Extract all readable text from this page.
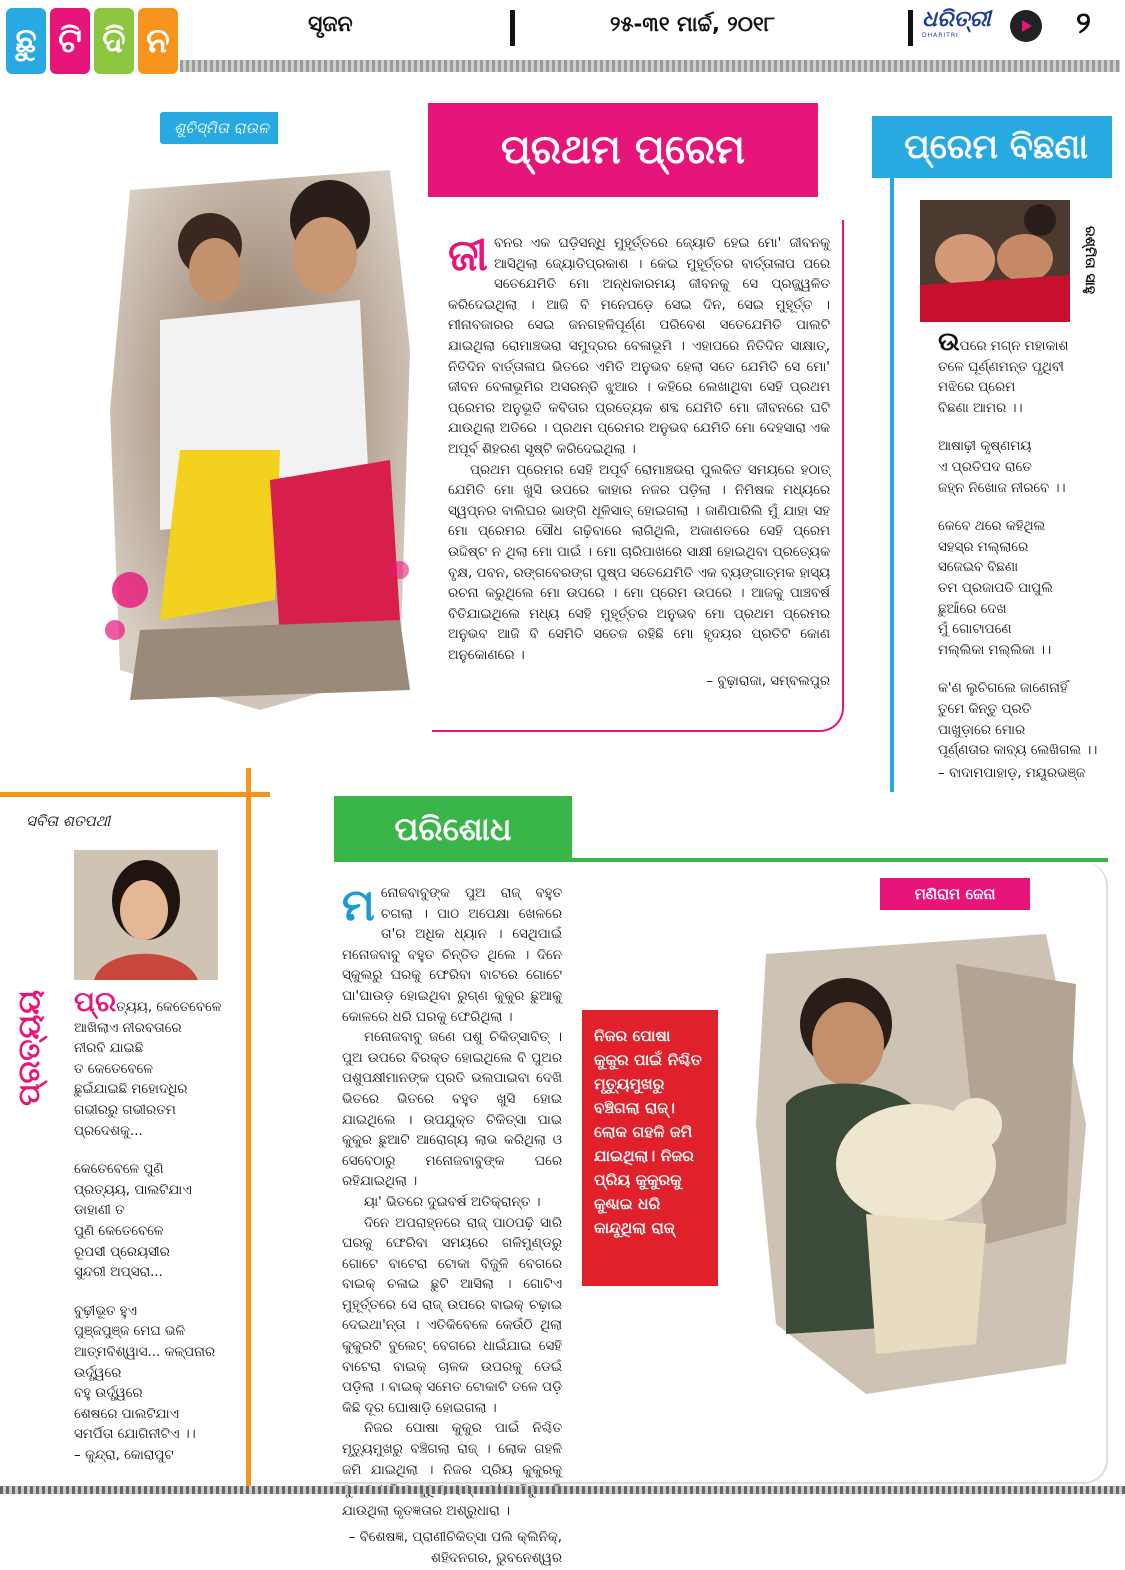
ଛୁ ଟି ଦି ନ	ସୃଜନ	୨୫-୩୧ ମାର୍ଚ୍ଚ, ୨୦୧୮	ଧରିତ୍ରୀ
DHARITRI	୨
ଶୁଚିସ୍ମିତା ରାଉଳ	ପ୍ରଥମ ପ୍ରେମ

ଜୀବନର ଏକ ଘଡ଼ିସନ୍ଧି ମୁହୂର୍ତ୍ତରେ ଜ୍ୟୋତି ହେଇ ମୋ' ଜୀବନକୁ ଆସିଥିଲା ଜ୍ୟୋତିପ୍ରକାଶ । କେଇ ମୁହୂର୍ତ୍ତର ବାର୍ତ୍ତାଳାପ ପରେ ସତେଯେମିତି ମୋ ଅନ୍ଧକାରମୟ ଜୀବନକୁ ସେ ପ୍ରଜ୍ଜ୍ୱଳିତ କରିଦେଇଥିଲା । ଆଜି ବି ମନେପଡ଼େ ସେଇ ଦିନ, ସେଇ ମୁହୂର୍ତ୍ତ । ମୀନାବଜାରର ସେଇ ଜନଗହଳିପୂର୍ଣ୍ଣ ପରିବେଶ ସତେଯେମିତି ପାଲଟି ଯାଇଥିଲା ରୋମାଞ୍ଚଭରା ସମୁଦ୍ରର ବେଳାଭୂମି । ଏହାପରେ ନିତିଦିନ ସାକ୍ଷାତ୍, ନିତିଦିନ ବାର୍ତ୍ତାଳାପ ଭିତରେ ଏମିତି ଅନୁଭବ ହେଲା ସତେ ଯେମିତି ସେ ମୋ' ଜୀବନ ବେଳାଭୂମିର ଅସରନ୍ତି ଝୁଆର । କହିରେ ଲେଖାଥିବା ସେହି ପ୍ରଥମ ପ୍ରେମର ଅନୁଭୂତି କବିତାର ପ୍ରତ୍ୟେକ ଶବ୍ଦ ଯେମିତି ମୋ ଜୀବନରେ ଘଟି ଯାଉଥିଲା ଅତିରେ । ପ୍ରଥମ ପ୍ରେମର ଅନୁଭବ ଯେମିତି ମୋ ଦେହସାରା ଏକ ଅପୂର୍ବ ଶିହରଣ ସୃଷ୍ଟି କରିଦେଇଥିଲା ।

ପ୍ରଥମ ପ୍ରେମର ସେହି ଅପୂର୍ବ ରୋମାଞ୍ଚଭରା ପୁଲକିତ ସମୟରେ ହଠାତ୍ ଯେମିତି ମୋ ଖୁସି ଉପରେ କାହାର ନଜର ପଡ଼ିଲା । ନିମିଷକ ମଧ୍ୟରେ ସ୍ୱପ୍ନର ବାଲିଘର ଭାଙ୍ଗି ଧୂଳିସାତ୍ ହୋଇଗଲା । ଜାଣିପାରିଲି ମୁଁ ଯାହା ସହ ମୋ ପ୍ରେମର ସୌଧ ଗଢ଼ିବାରେ ଲାଗିଥିଲି, ଅଜାଣତରେ ସେହି ପ୍ରେମ ଉଦ୍ଦିଷ୍ଟ ନ ଥିଲା ମୋ ପାଇଁ । ମୋ ଚାରିପାଖରେ ସାକ୍ଷୀ ହୋଇଥିବା ପ୍ରତ୍ୟେକ ବୃକ୍ଷ, ପବନ, ରଙ୍ଗବେରଙ୍ଗ ପୁଷ୍ପ ସତେଯେମିତି ଏକ ବ୍ୟଙ୍ଗାତ୍ମକ ହାସ୍ୟ ରଚନା କରୁଥିଲେ ମୋ ଉପରେ । ମୋ ପ୍ରେମ ଉପରେ । ଆଜକୁ ପାଞ୍ଚବର୍ଷ ବିତିଯାଇଥିଲେ ମଧ୍ୟ ସେହି ମୁହୂର୍ତ୍ତର ଅନୁଭବ ମୋ ପ୍ରଥମ ପ୍ରେମର ଅନୁଭବ ଆଜି ବି ସେମିତି ସତେଜ ରହିଛି ମୋ ହୃଦୟର ପ୍ରତିଟି କୋଣ ଅନୁକୋଣରେ ।

– ବୁଢ଼ାରାଜା, ସମ୍ବଲପୁର
ପ୍ରେମ ବିଛଣା
ରଶ୍ମିତା ସାହୁ
ଉପରେ ମଗ୍ନ ମହାକାଶ
ତଳେ ଘୂର୍ଣ୍ଣମନ୍ତ ପୃଥିବୀ
ମଝିରେ ପ୍ରେମ
ବିଛଣା ଆମର ।।
ଆଷାଢ଼ୀ କୃଷ୍ଣମୟ
ଏ ପ୍ରତିପଦ ରାତେ
ଜହ୍ନ ନିଖୋଜ ନୀରବେ ।।
କେବେ ଥରେ କହିଥିଲ
ସହସ୍ର ମଲ୍ଲାରେ
ସଜେଇବ ବିଛଣା
ତମ ପ୍ରଜାପତି ପାପୁଲି
ଛୁଆଁରେ ଦେଖ
ମୁଁ ଗୋଟାପଣେ
ମଲ୍ଲିକା ମଲ୍ଲିକା ।।
କ'ଣ ଲୁଚିଗଲେ ଜାଣେନାହିଁ
ତୁମେ କିନ୍ତୁ ପ୍ରତି
ପାଖୁଡ଼ାରେ ମୋର
ପୂର୍ଣ୍ଣତାର କାବ୍ୟ ଲେଖିଗଲ ।।
– ବାଦାମପାହାଡ଼, ମୟୂରଭଞ୍ଜ
ସବିତା ଶତପଥୀ
ପ୍ରତ୍ୟୟ ପ୍ରତ୍ୟୟ, କେତେବେଳେ
ଆଖିଲାଏ ନୀରବତାରେ
ନୀରବି ଯାଇଛି
ତ କେତେବେଳେ
ଛୁଇଁଯାଇଛି ମହୋଦଧିର
ଗଭୀରରୁ ଗଭୀରତମ
ପ୍ରଦେଶକୁ...
କେତେବେଳେ ପୁଣି
ପ୍ରତ୍ୟୟ, ପାଲଟିଯାଏ
ଡାହାଣୀ ତ
ପୁଣି କେତେବେଳେ
ରୂପସୀ ପ୍ରେୟସୀର
ସୁନ୍ଦରୀ ଅପ୍ସରା...
ବୁଢ଼ୀଭୂତ ହୁଏ
ପୁଞ୍ଜପୁଞ୍ଜ ମେଘ ଭଳି
ଆତ୍ମବିଶ୍ୱାସ... କଳ୍ପନାର ଉର୍ଦ୍ଧ୍ୱରେ
ବହୁ ଉର୍ଦ୍ଧ୍ୱରେ
ଶେଷରେ ପାଲଟିଯାଏ
ସମର୍ପିତା ଯୋଗିନୀଟିଏ ।।
– କୁନ୍ଦ୍ରା, କୋରାପୁଟ
ପରିଶୋଧ
ମଣିରାମ ଜେନା

ମନୋଜବାବୁଙ୍କ ପୁଅ ରାଜ୍ ବହୁତ ଚଗଲା । ପାଠ ଅପେକ୍ଷା ଖେଳରେ ତା'ର ଅଧିକ ଧ୍ୟାନ । ସେଥିପାଇଁ ମନୋଜବାବୁ ବହୁତ ଚିନ୍ତିତ ଥିଲେ । ଦିନେ ସ୍କୁଲରୁ ଘରକୁ ଫେରିବା ବାଟରେ ଗୋଟେ ଘା'ଘାଉଡ଼ ହୋଇଥିବା ରୁଗ୍ଣ କୁକୁର ଛୁଆକୁ କୋଳରେ ଧରି ଘରକୁ ଫେରିଥିଲା ।

ମନୋଜବାବୁ ଜଣେ ପଶୁ ଚିକିତ୍ସାବିତ୍ । ପୁଅ ଉପରେ ବିରକ୍ତ ହୋଇଥିଲେ ବି ପୁଅର ପଶୁପକ୍ଷୀମାନଙ୍କ ପ୍ରତି ଭଲପାଇବା ଦେଖି ଭିତରେ ଭିତରେ ବହୁତ ଖୁସି ହୋଇ ଯାଇଥିଲେ । ଉପଯୁକ୍ତ ଚିକିତ୍ସା ପାଇ କୁକୁର ଛୁଆଟି ଆରୋଗ୍ୟ ଲାଭ କରିଥିଲା ଓ ସେବେଠାରୁ ମନୋଜବାବୁଙ୍କ ଘରେ ରହିଯାଇଥିଲା ।

ୟା' ଭିତରେ ଦୁଇବର୍ଷ ଅତିକ୍ରାନ୍ତ ।

ଦିନେ ଅପରାହ୍ନରେ ରାଜ୍ ପାଠପଢ଼ି ସାରି ଘରକୁ ଫେରିବା ସମୟରେ ଗଳିମୁଣ୍ଡରୁ ଗୋଟେ ବାଟେରା ଟୋକା ବିଜୁଳି ବେଗରେ ବାଇକ୍ ଚଳାଇ ଛୁଟି ଆସିଲା । ଗୋଟିଏ ମୁହୂର୍ତ୍ତରେ ସେ ରାଜ୍ ଉପରେ ବାଇକ୍ ଚଢ଼ାଇ ଦେଇଥା'ନ୍ତା । ଏତିକିବେଳେ କେଉଁଠି ଥିଲା କୁକୁରଟି ବୁଲେଟ୍ ବେଗରେ ଧାଇଁଯାଇ ସେହି ବାଟେରା ବାଇକ୍ ଚାଳକ ଉପରକୁ ଡେଇଁ ପଡ଼ିଲା । ବାଇକ୍ ସମେତ ଟୋକାଟି ତଳେ ପଡ଼ି କିଛି ଦୂର ଘୋଷାଡ଼ି ହୋଇଗଲା ।

ନିଜର ପୋଷା କୁକୁର ପାଇଁ ନିଶ୍ଚିତ ମୃତ୍ୟୁମୁଖରୁ ବଞ୍ଚିଗଲା ରାଜ୍ । ଲୋକ ଗହଳି ଜମି ଯାଇଥିଲା । ନିଜର ପ୍ରିୟ କୁକୁରକୁ ଯାଉଥିଲା କୃତଜ୍ଞତାର ଅଶ୍ରୁଧାରା ।

– ବିଶେଷଜ୍ଞ, ପ୍ରାଣୀଚିକିତ୍ସା ପଲି କ୍ଲିନିକ୍,
ଶହିଦନଗର, ଭୁବନେଶ୍ୱର
ନିଜର ପୋଷା କୁକୁର ପାଇଁ ନିଶ୍ଚିତ ମୃତ୍ୟୁମୁଖରୁ ବଞ୍ଚିଗଲା ରାଜ୍। ଲୋକ ଗହଳି ଜମି ଯାଇଥିଲା। ନିଜର ପ୍ରିୟ କୁକୁରକୁ କୁଣ୍ଢାଇ ଧରି କାନ୍ଦୁଥିଲା ରାଜ୍
